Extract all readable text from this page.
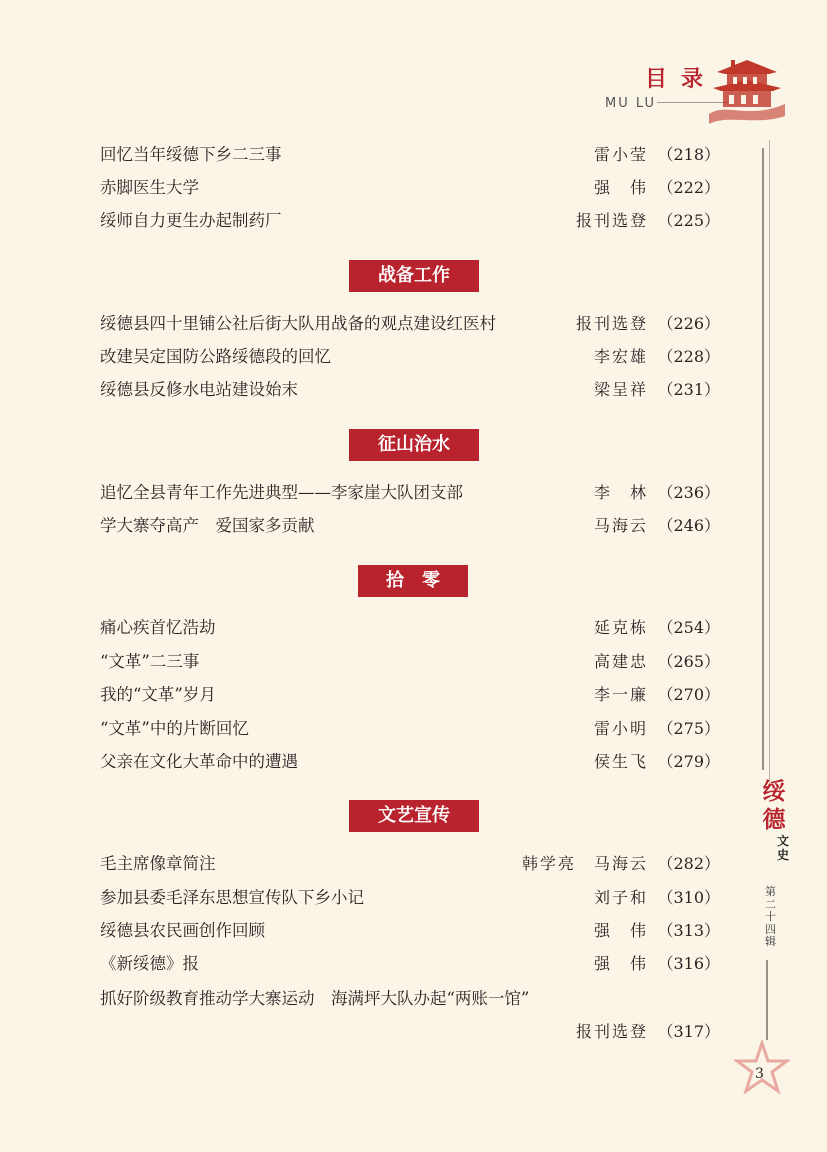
目录
MU LU
绥德
文史
第二十四辑
3
回忆当年绥德下乡二三事	雷小莹 （218）
赤脚医生大学	强　伟 （222）
绥师自力更生办起制药厂	报刊选登 （225）
战备工作
绥德县四十里铺公社后街大队用战备的观点建设红医村	报刊选登 （226）
改建吴定国防公路绥德段的回忆	李宏雄 （228）
绥德县反修水电站建设始末	梁呈祥 （231）
征山治水
追忆全县青年工作先进典型——李家崖大队团支部	李　林 （236）
学大寨夺高产　爱国家多贡献	马海云 （246）
拾　零
痛心疾首忆浩劫	延克栋 （254）
“文革”二三事	高建忠 （265）
我的“文革”岁月	李一廉 （270）
“文革”中的片断回忆	雷小明 （275）
父亲在文化大革命中的遭遇	侯生飞 （279）
文艺宣传
毛主席像章简注	韩学亮　马海云 （282）
参加县委毛泽东思想宣传队下乡小记	刘子和 （310）
绥德县农民画创作回顾	强　伟 （313）
《新绥德》报	强　伟 （316）
抓好阶级教育推动学大寨运动　海满坪大队办起“两账一馆”
报刊选登 （317）
